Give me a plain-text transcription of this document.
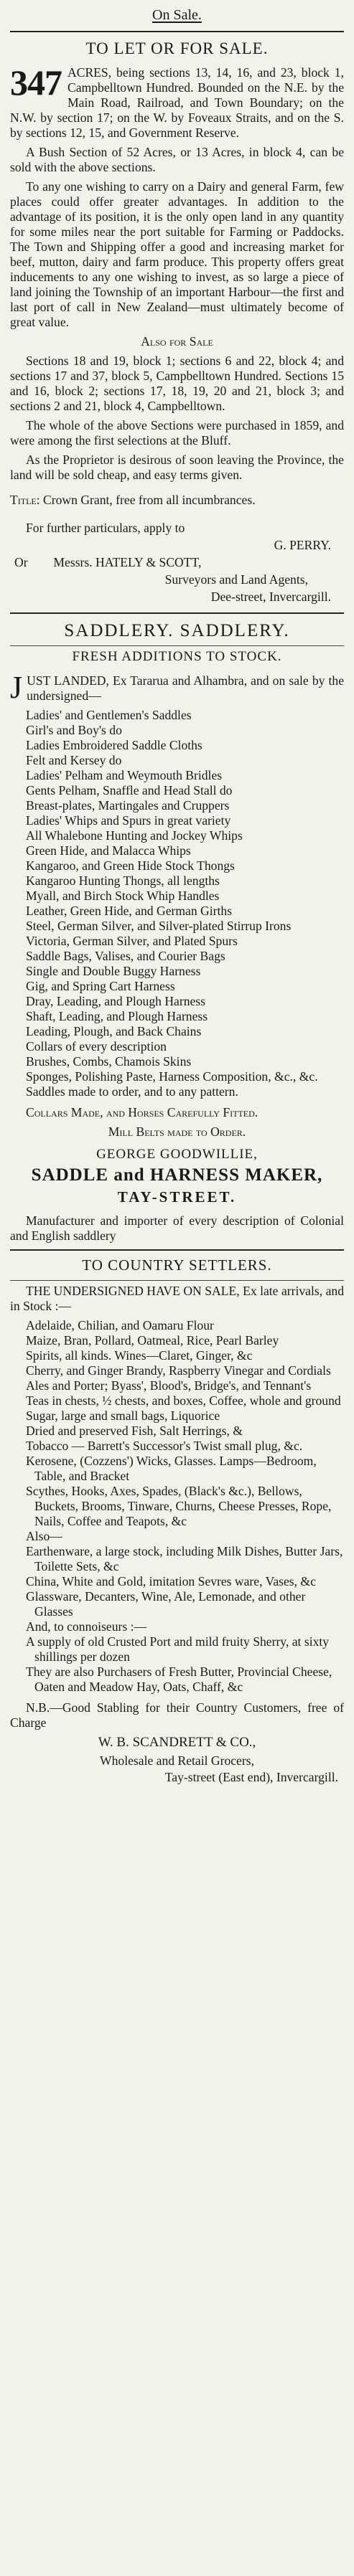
On Sale.
TO LET OR FOR SALE.

347 ACRES, being sections 13, 14, 16, and 23, block 1, Campbelltown Hundred. Bounded on the N.E. by the Main Road, Railroad, and Town Boundary; on the N.W. by section 17; on the W. by Foveaux Straits, and on the S. by sections 12, 15, and Government Reserve.

A Bush Section of 52 Acres, or 13 Acres, in block 4, can be sold with the above sections.

To any one wishing to carry on a Dairy and general Farm, few places could offer greater advantages. In addition to the advantage of its position, it is the only open land in any quantity for some miles near the port suitable for Farming or Paddocks. The Town and Shipping offer a good and increasing market for beef, mutton, dairy and farm produce. This property offers great inducements to any one wishing to invest, as so large a piece of land joining the Township of an important Harbour—the first and last port of call in New Zealand—must ultimately become of great value.

Also for Sale

Sections 18 and 19, block 1; sections 6 and 22, block 4; and sections 17 and 37, block 5, Campbelltown Hundred. Sections 15 and 16, block 2; sections 17, 18, 19, 20 and 21, block 3; and sections 2 and 21, block 4, Campbelltown.

The whole of the above Sections were purchased in 1859, and were among the first selections at the Bluff.

As the Proprietor is desirous of soon leaving the Province, the land will be sold cheap, and easy terms given.

Title: Crown Grant, free from all incumbrances.

For further particulars, apply to
G. PERRY.
Or Messrs. HATELY & SCOTT,
Surveyors and Land Agents,
Dee-street, Invercargill.
SADDLERY. SADDLERY.
FRESH ADDITIONS TO STOCK.

JUST LANDED, Ex Tararua and Alhambra, and on sale by the undersigned—

Ladies' and Gentlemen's Saddles
Girl's and Boy's do
Ladies Embroidered Saddle Cloths
Felt and Kersey do
Ladies' Pelham and Weymouth Bridles
Gents Pelham, Snaffle and Head Stall do
Breast-plates, Martingales and Cruppers
Ladies' Whips and Spurs in great variety
All Whalebone Hunting and Jockey Whips
Green Hide, and Malacca Whips
Kangaroo, and Green Hide Stock Thongs
Kangaroo Hunting Thongs, all lengths
Myall, and Birch Stock Whip Handles
Leather, Green Hide, and German Girths
Steel, German Silver, and Silver-plated Stirrup Irons
Victoria, German Silver, and Plated Spurs
Saddle Bags, Valises, and Courier Bags
Single and Double Buggy Harness
Gig, and Spring Cart Harness
Dray, Leading, and Plough Harness
Shaft, Leading, and Plough Harness
Leading, Plough, and Back Chains
Collars of every description
Brushes, Combs, Chamois Skins
Sponges, Polishing Paste, Harness Composition, &c., &c.
Saddles made to order, and to any pattern.

Collars Made, and Horses Carefully Fitted.

Mill Belts made to Order.

GEORGE GOODWILLIE,
SADDLE and HARNESS MAKER,
TAY-STREET.

Manufacturer and importer of every description of Colonial and English saddlery

TO COUNTRY SETTLERS.

THE UNDERSIGNED HAVE ON SALE, Ex late arrivals, and in Stock :—

Adelaide, Chilian, and Oamaru Flour
Maize, Bran, Pollard, Oatmeal, Rice, Pearl Barley
Spirits, all kinds. Wines—Claret, Ginger, &c
Cherry, and Ginger Brandy, Raspberry Vinegar and Cordials
Ales and Porter; Byass', Blood's, Bridge's, and Tennant's
Teas in chests, ½ chests, and boxes, Coffee, whole and ground
Sugar, large and small bags, Liquorice
Dried and preserved Fish, Salt Herrings, &
Tobacco — Barrett's Successor's Twist small plug, &c.
Kerosene, (Cozzens') Wicks, Glasses. Lamps—Bedroom, Table, and Bracket
Scythes, Hooks, Axes, Spades, (Black's &c.), Bellows, Buckets, Brooms, Tinware, Churns, Cheese Presses, Rope, Nails, Coffee and Teapots, &c
Also—
Earthenware, a large stock, including Milk Dishes, Butter Jars, Toilette Sets, &c
China, White and Gold, imitation Sevres ware, Vases, &c
Glassware, Decanters, Wine, Ale, Lemonade, and other Glasses
And, to connoiseurs :—
A supply of old Crusted Port and mild fruity Sherry, at sixty shillings per dozen
They are also Purchasers of Fresh Butter, Provincial Cheese, Oaten and Meadow Hay, Oats, Chaff, &c

N.B.—Good Stabling for their Country Customers, free of Charge

W. B. SCANDRETT & CO.,
Wholesale and Retail Grocers,
Tay-street (East end), Invercargill.
